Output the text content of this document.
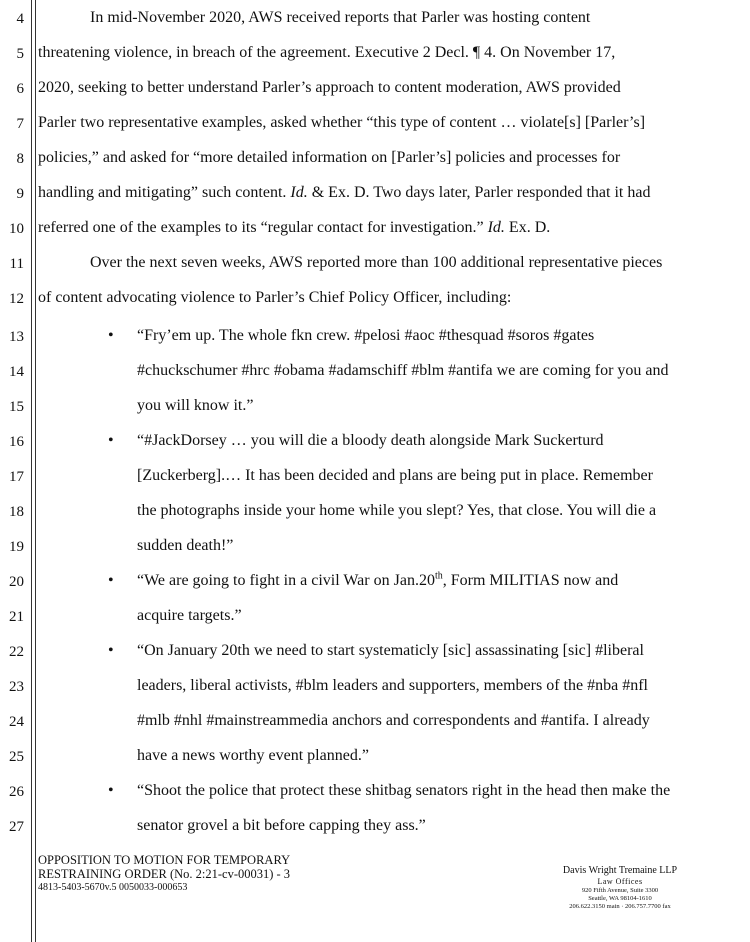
4
5
6
7
8
9
10
11
12
13
14
15
16
17
18
19
20
21
22
23
24
25
26
27
In mid-November 2020, AWS received reports that Parler was hosting content
threatening violence, in breach of the agreement. Executive 2 Decl. ¶ 4. On November 17,
2020, seeking to better understand Parler’s approach to content moderation, AWS provided
Parler two representative examples, asked whether “this type of content … violate[s] [Parler’s]
policies,” and asked for “more detailed information on [Parler’s] policies and processes for
handling and mitigating” such content. Id. & Ex. D. Two days later, Parler responded that it had
referred one of the examples to its “regular contact for investigation.” Id. Ex. D.
Over the next seven weeks, AWS reported more than 100 additional representative pieces
of content advocating violence to Parler’s Chief Policy Officer, including:
• “Fry’em up. The whole fkn crew. #pelosi #aoc #thesquad #soros #gates
#chuckschumer #hrc #obama #adamschiff #blm #antifa we are coming for you and
you will know it.”
• “#JackDorsey … you will die a bloody death alongside Mark Suckerturd
[Zuckerberg].… It has been decided and plans are being put in place. Remember
the photographs inside your home while you slept? Yes, that close. You will die a
sudden death!”
• “We are going to fight in a civil War on Jan.20th, Form MILITIAS now and
acquire targets.”
• “On January 20th we need to start systematicly [sic] assassinating [sic] #liberal
leaders, liberal activists, #blm leaders and supporters, members of the #nba #nfl
#mlb #nhl #mainstreammedia anchors and correspondents and #antifa. I already
have a news worthy event planned.”
• “Shoot the police that protect these shitbag senators right in the head then make the
senator grovel a bit before capping they ass.”
OPPOSITION TO MOTION FOR TEMPORARY
RESTRAINING ORDER (No. 2:21-cv-00031) - 3
4813-5403-5670v.5 0050033-000653
Davis Wright Tremaine LLP
Law Offices
920 Fifth Avenue, Suite 3300
Seattle, WA 98104-1610
206.622.3150 main · 206.757.7700 fax
